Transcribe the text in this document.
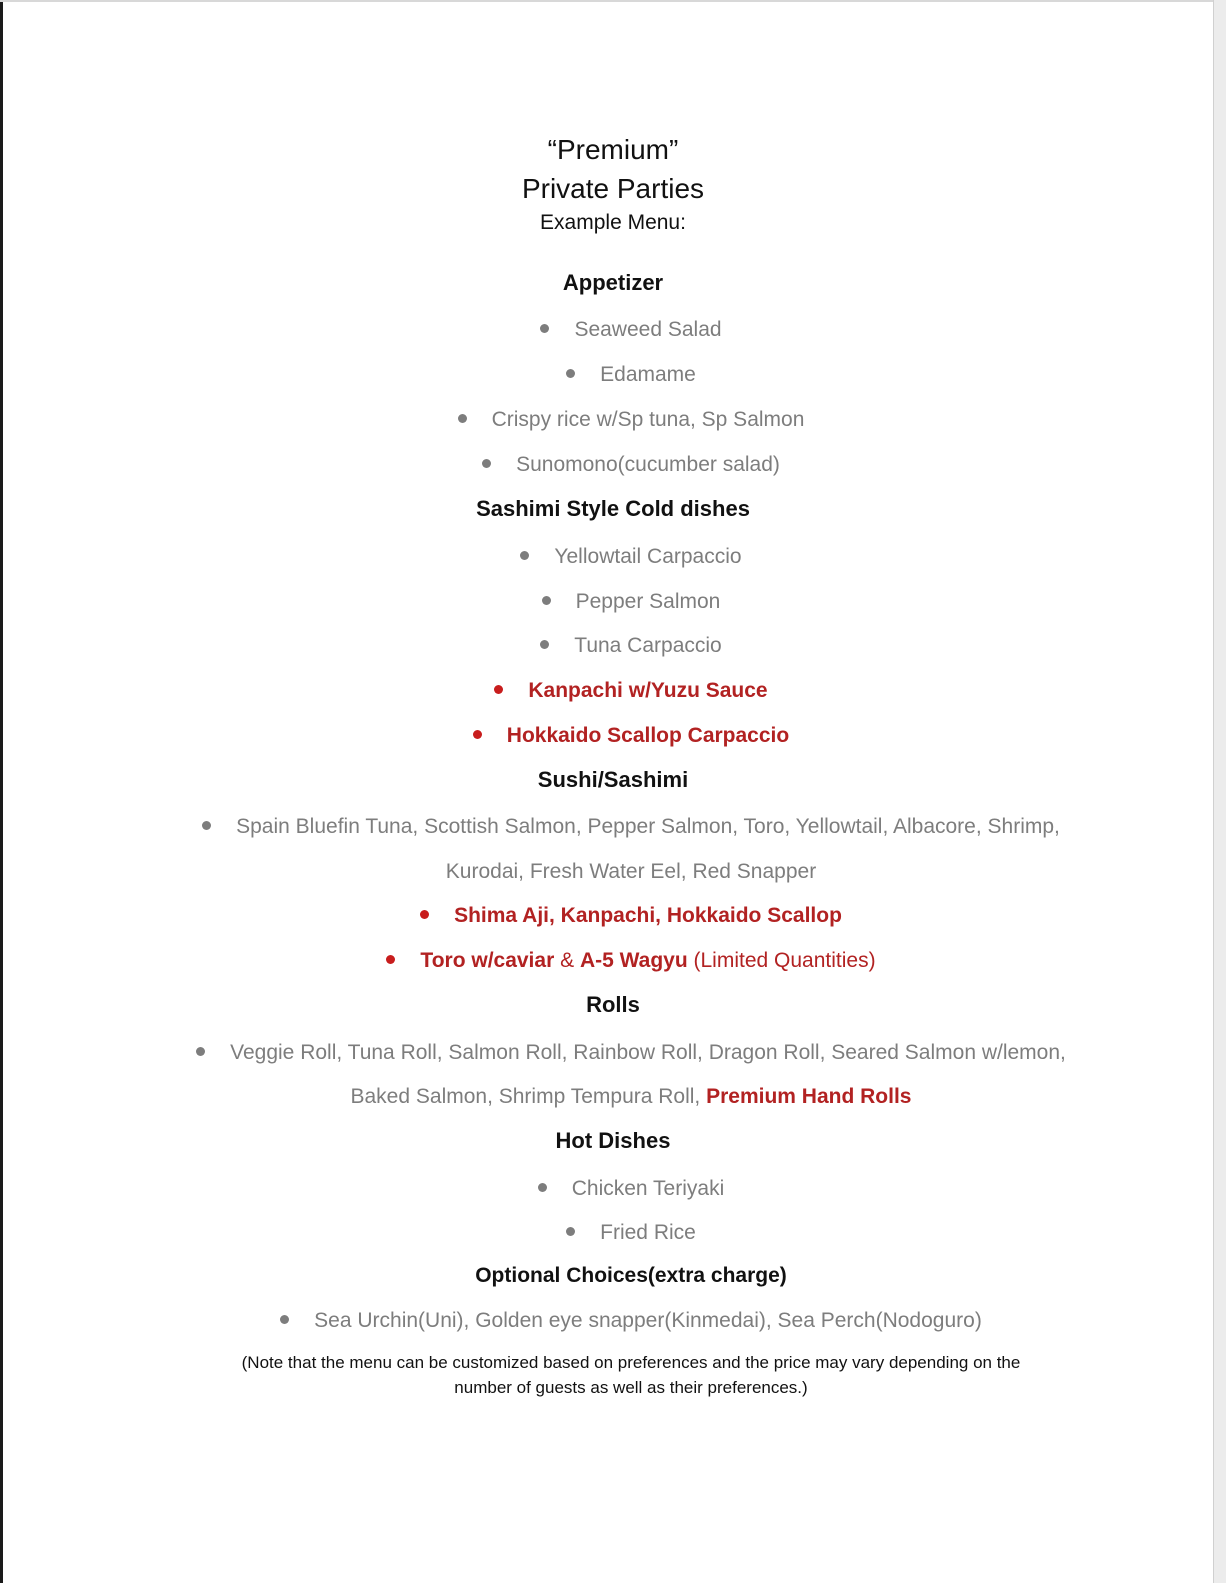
“Premium”
Private Parties
Example Menu:
Appetizer
Seaweed Salad
Edamame
Crispy rice w/Sp tuna, Sp Salmon
Sunomono(cucumber salad)
Sashimi Style Cold dishes
Yellowtail Carpaccio
Pepper Salmon
Tuna Carpaccio
Kanpachi w/Yuzu Sauce
Hokkaido Scallop Carpaccio
Sushi/Sashimi
Spain Bluefin Tuna, Scottish Salmon, Pepper Salmon, Toro, Yellowtail, Albacore, Shrimp,
Kurodai, Fresh Water Eel, Red Snapper
Shima Aji, Kanpachi, Hokkaido Scallop
Toro w/caviar & A-5 Wagyu (Limited Quantities)
Rolls
Veggie Roll, Tuna Roll, Salmon Roll, Rainbow Roll, Dragon Roll, Seared Salmon w/lemon,
Baked Salmon, Shrimp Tempura Roll, Premium Hand Rolls
Hot Dishes
Chicken Teriyaki
Fried Rice
Optional Choices(extra charge)
Sea Urchin(Uni), Golden eye snapper(Kinmedai), Sea Perch(Nodoguro)
(Note that the menu can be customized based on preferences and the price may vary depending on the
number of guests as well as their preferences.)
